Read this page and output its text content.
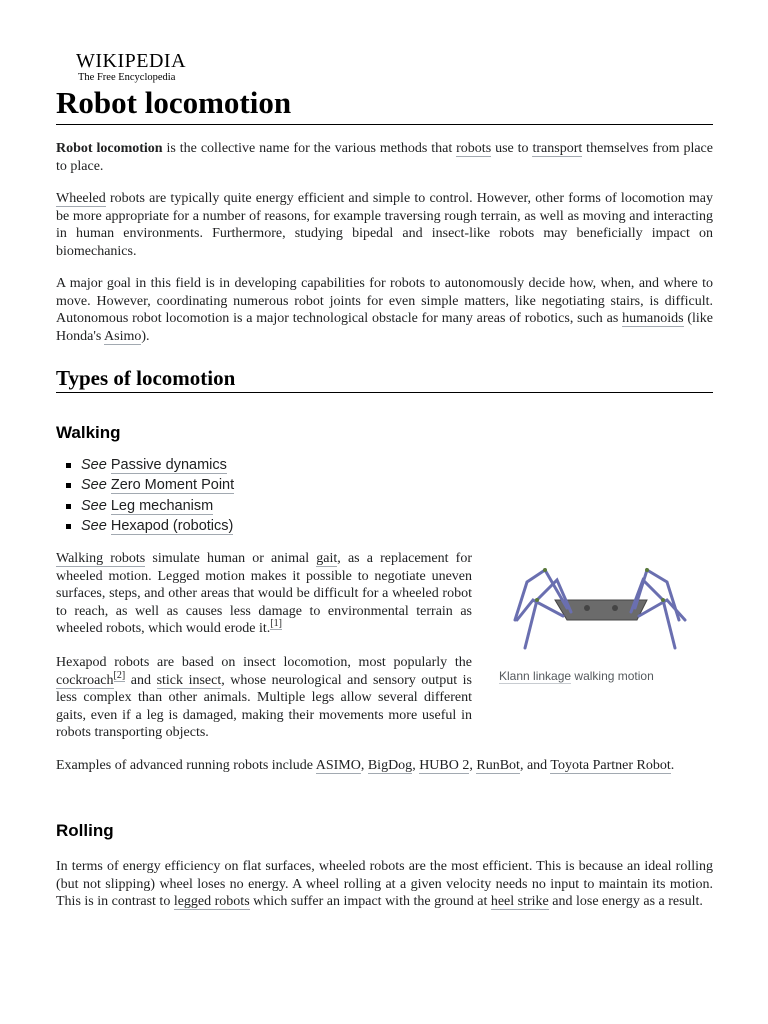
WIKIPEDIA
The Free Encyclopedia
Robot locomotion

Robot locomotion is the collective name for the various methods that robots use to transport themselves from place to place.

Wheeled robots are typically quite energy efficient and simple to control. However, other forms of locomotion may be more appropriate for a number of reasons, for example traversing rough terrain, as well as moving and interacting in human environments. Furthermore, studying bipedal and insect-like robots may beneficially impact on biomechanics.

A major goal in this field is in developing capabilities for robots to autonomously decide how, when, and where to move. However, coordinating numerous robot joints for even simple matters, like negotiating stairs, is difficult. Autonomous robot locomotion is a major technological obstacle for many areas of robotics, such as humanoids (like Honda's Asimo).

Types of locomotion
Walking
See Passive dynamics
See Zero Moment Point
See Leg mechanism
See Hexapod (robotics)

Walking robots simulate human or animal gait, as a replacement for wheeled motion. Legged motion makes it possible to negotiate uneven surfaces, steps, and other areas that would be difficult for a wheeled robot to reach, as well as causes less damage to environmental terrain as wheeled robots, which would erode it.[1]

Hexapod robots are based on insect locomotion, most popularly the cockroach[2] and stick insect, whose neurological and sensory output is less complex than other animals. Multiple legs allow several different gaits, even if a leg is damaged, making their movements more useful in robots transporting objects.

Klann linkage walking motion

Examples of advanced running robots include ASIMO, BigDog, HUBO 2, RunBot, and Toyota Partner Robot.

Rolling

In terms of energy efficiency on flat surfaces, wheeled robots are the most efficient. This is because an ideal rolling (but not slipping) wheel loses no energy. A wheel rolling at a given velocity needs no input to maintain its motion. This is in contrast to legged robots which suffer an impact with the ground at heel strike and lose energy as a result.
